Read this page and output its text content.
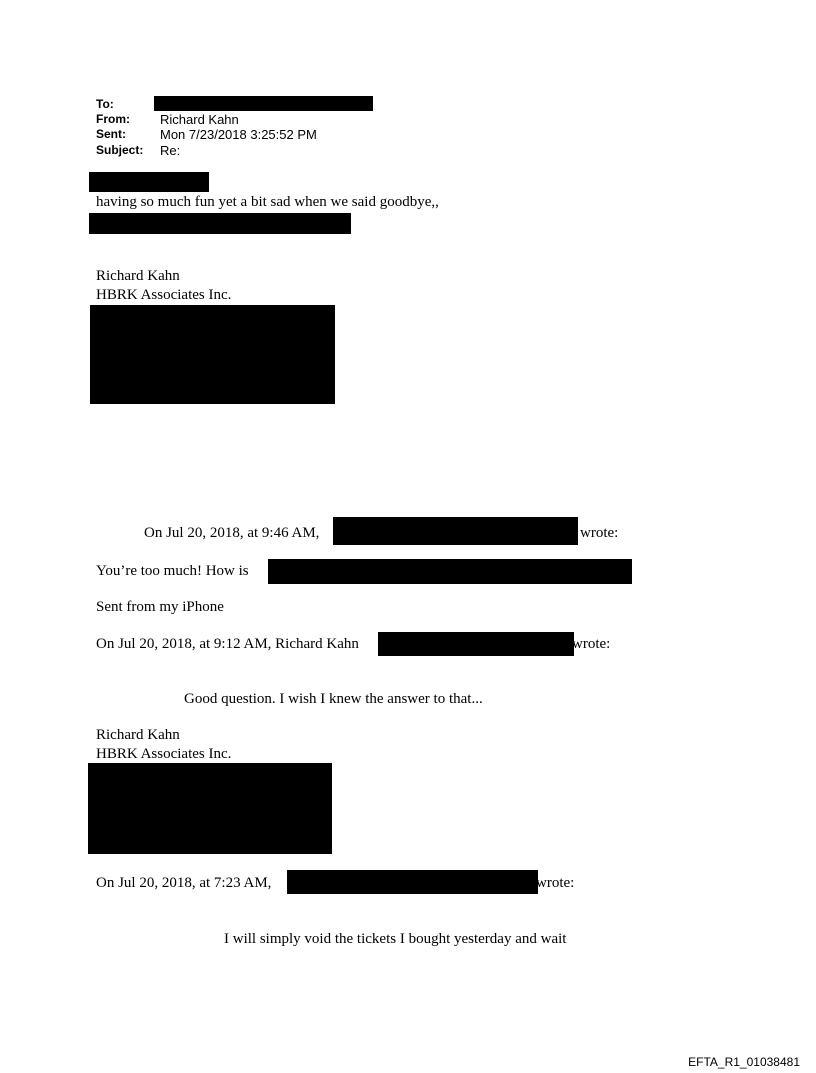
To:
From: Richard Kahn
Sent:	Mon 7/23/2018 3:25:52 PM
Subject: Re:
having so much fun yet a bit sad when we said goodbye,,
Richard Kahn
HBRK Associates Inc.
On Jul 20, 2018, at 9:46 AM,	wrote:
You’re too much! How is
Sent from my iPhone
On Jul 20, 2018, at 9:12 AM, Richard Kahn	wrote:
Good question. I wish I knew the answer to that...
Richard Kahn
HBRK Associates Inc.
On Jul 20, 2018, at 7:23 AM,	wrote:
I will simply void the tickets I bought yesterday and wait
EFTA_R1_01038481
